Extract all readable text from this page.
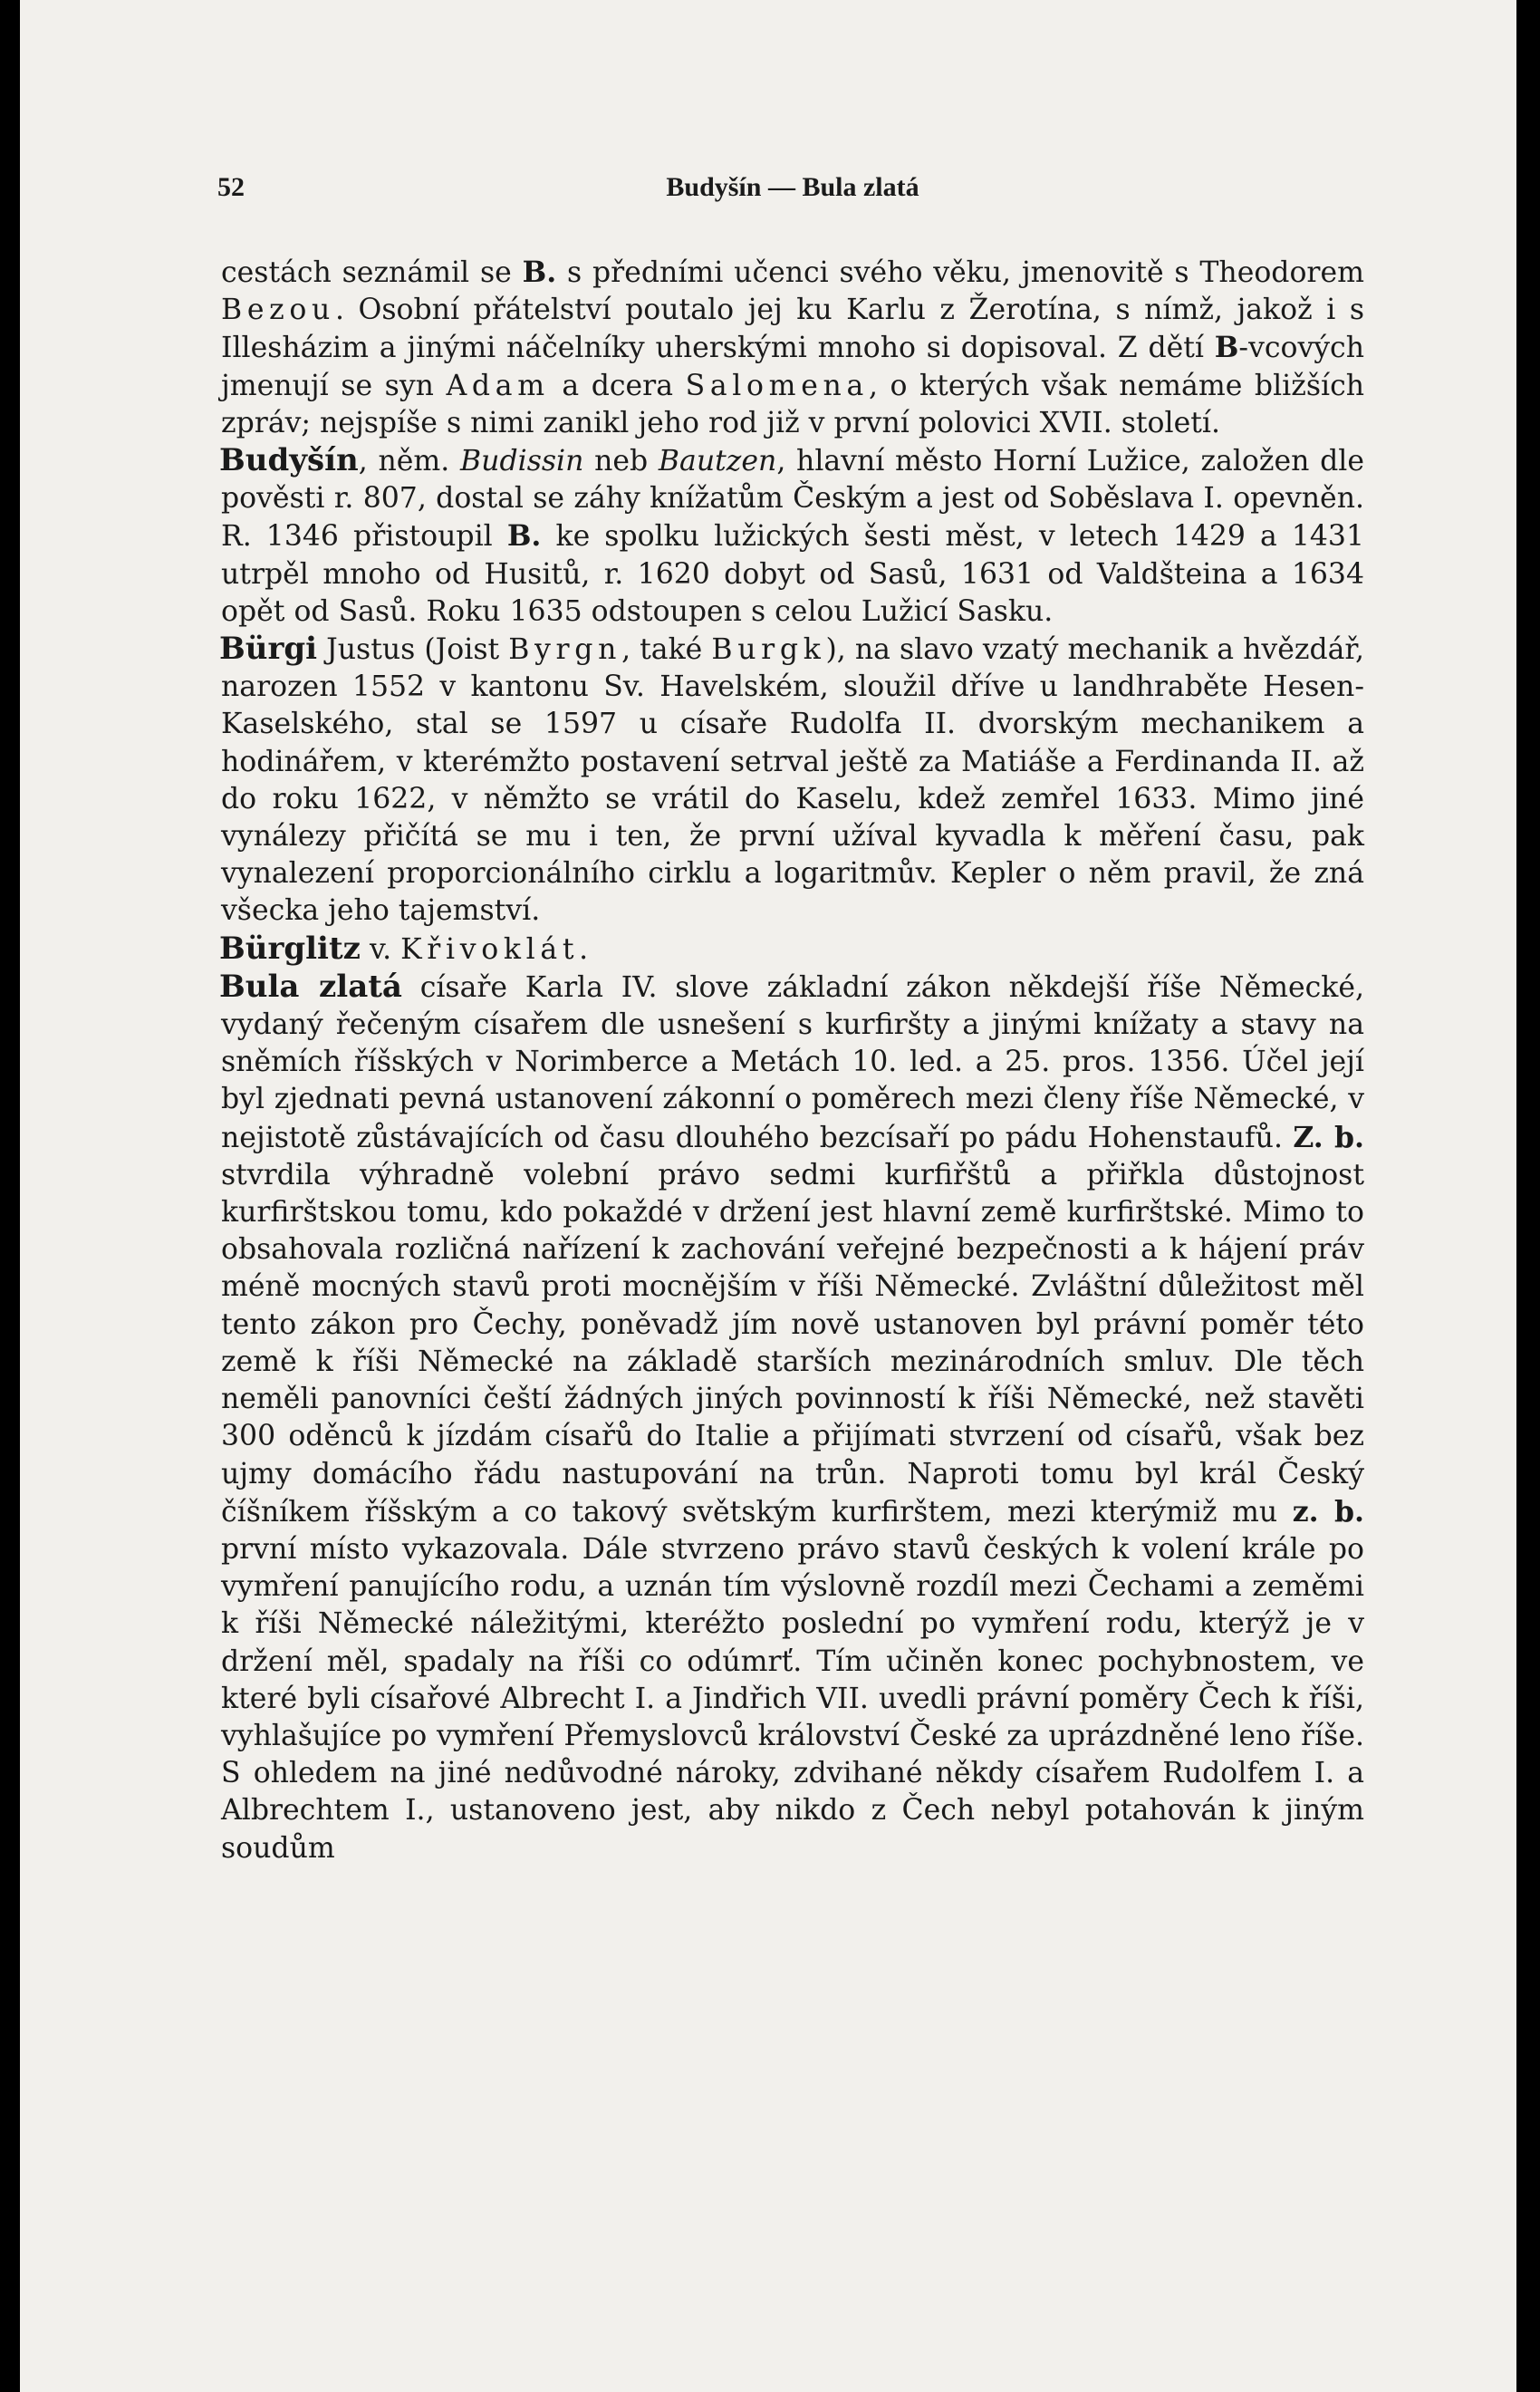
52	Budyšín — Bula zlatá

cestách seznámil se B. s předními učenci svého věku, jmenovitě s Theodorem Bezou. Osobní přátelství poutalo jej ku Karlu z Žerotína, s nímž, jakož i s Illesházim a jinými náčelníky uherskými mnoho si dopisoval. Z dětí B-vcových jmenují se syn Adam a dcera Salomena, o kterých však nemáme bližších zpráv; nejspíše s nimi zanikl jeho rod již v první polovici XVII. století.

Budyšín, něm. Budissin neb Bautzen, hlavní město Horní Lužice, založen dle pověsti r. 807, dostal se záhy knížatům Českým a jest od Soběslava I. opevněn. R. 1346 přistoupil B. ke spolku lužických šesti měst, v letech 1429 a 1431 utrpěl mnoho od Husitů, r. 1620 dobyt od Sasů, 1631 od Valdšteina a 1634 opět od Sasů. Roku 1635 odstoupen s celou Lužicí Sasku.

Bürgi Justus (Joist Byrgn, také Burgk), na slavo vzatý mechanik a hvězdář, narozen 1552 v kantonu Sv. Havelském, sloužil dříve u landhraběte Hesen-Kaselského, stal se 1597 u císaře Rudolfa II. dvorským mechanikem a hodinářem, v kterémžto postavení setrval ještě za Matiáše a Ferdinanda II. až do roku 1622, v němžto se vrátil do Kaselu, kdež zemřel 1633. Mimo jiné vynálezy přičítá se mu i ten, že první užíval kyvadla k měření času, pak vynalezení proporcionálního cirklu a logaritmův. Kepler o něm pravil, že zná všecka jeho tajemství.

Bürglitz v. Křivoklát.

Bula zlatá císaře Karla IV. slove základní zákon někdejší říše Německé, vydaný řečeným císařem dle usnešení s kurfiršty a jinými knížaty a stavy na sněmích říšských v Norimberce a Metách 10. led. a 25. pros. 1356. Účel její byl zjednati pevná ustanovení zákonní o poměrech mezi členy říše Německé, v nejistotě zůstávajících od času dlouhého bezcísaří po pádu Hohenstaufů. Z. b. stvrdila výhradně volební právo sedmi kurfiřštů a přiřkla důstojnost kurfirštskou tomu, kdo pokaždé v držení jest hlavní země kurfirštské. Mimo to obsahovala rozličná nařízení k zachování veřejné bezpečnosti a k hájení práv méně mocných stavů proti mocnějším v říši Německé. Zvláštní důležitost měl tento zákon pro Čechy, poněvadž jím nově ustanoven byl právní poměr této země k říši Německé na základě starších mezinárodních smluv. Dle těch neměli panovníci čeští žádných jiných povinností k říši Německé, než stavěti 300 oděnců k jízdám císařů do Italie a přijímati stvrzení od císařů, však bez ujmy domácího řádu nastupování na trůn. Naproti tomu byl král Český číšníkem říšským a co takový světským kurfirštem, mezi kterýmiž mu z. b. první místo vykazovala. Dále stvrzeno právo stavů českých k volení krále po vymření panujícího rodu, a uznán tím výslovně rozdíl mezi Čechami a zeměmi k říši Německé náležitými, kteréžto poslední po vymření rodu, kterýž je v držení měl, spadaly na říši co odúmrť. Tím učiněn konec pochybnostem, ve které byli císařové Albrecht I. a Jindřich VII. uvedli právní poměry Čech k říši, vyhlašujíce po vymření Přemyslovců království České za uprázdněné leno říše. S ohledem na jiné nedůvodné nároky, zdvihané někdy císařem Rudolfem I. a Albrechtem I., ustanoveno jest, aby nikdo z Čech nebyl potahován k jiným soudům
